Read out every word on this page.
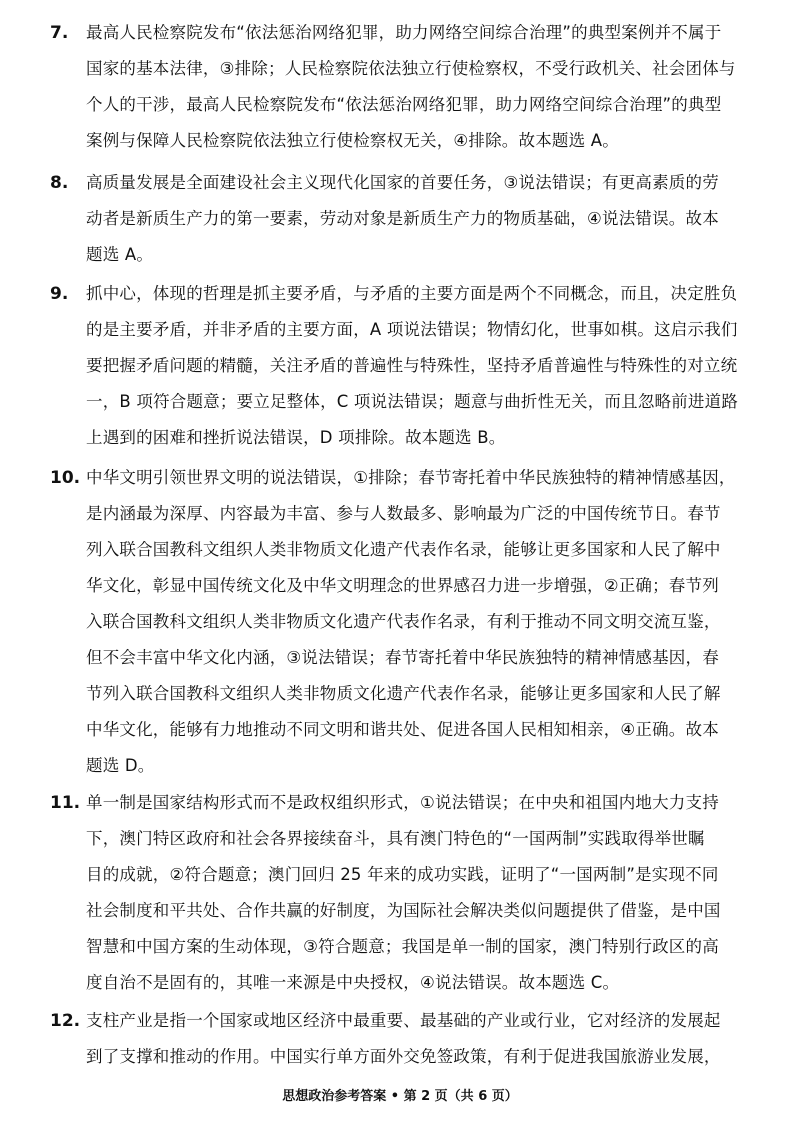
7. 最高人民检察院发布“依法惩治网络犯罪，助力网络空间综合治理”的典型案例并不属于
国家的基本法律，③排除；人民检察院依法独立行使检察权，不受行政机关、社会团体与
个人的干涉，最高人民检察院发布“依法惩治网络犯罪，助力网络空间综合治理”的典型
案例与保障人民检察院依法独立行使检察权无关，④排除。故本题选 A。
8. 高质量发展是全面建设社会主义现代化国家的首要任务，③说法错误；有更高素质的劳
动者是新质生产力的第一要素，劳动对象是新质生产力的物质基础，④说法错误。故本
题选 A。
9. 抓中心，体现的哲理是抓主要矛盾，与矛盾的主要方面是两个不同概念，而且，决定胜负
的是主要矛盾，并非矛盾的主要方面，A 项说法错误；物情幻化，世事如棋。这启示我们
要把握矛盾问题的精髓，关注矛盾的普遍性与特殊性，坚持矛盾普遍性与特殊性的对立统
一，B 项符合题意；要立足整体，C 项说法错误；题意与曲折性无关，而且忽略前进道路
上遇到的困难和挫折说法错误，D 项排除。故本题选 B。
10. 中华文明引领世界文明的说法错误，①排除；春节寄托着中华民族独特的精神情感基因，
是内涵最为深厚、内容最为丰富、参与人数最多、影响最为广泛的中国传统节日。春节
列入联合国教科文组织人类非物质文化遗产代表作名录，能够让更多国家和人民了解中
华文化，彰显中国传统文化及中华文明理念的世界感召力进一步增强，②正确；春节列
入联合国教科文组织人类非物质文化遗产代表作名录，有利于推动不同文明交流互鉴，
但不会丰富中华文化内涵，③说法错误；春节寄托着中华民族独特的精神情感基因，春
节列入联合国教科文组织人类非物质文化遗产代表作名录，能够让更多国家和人民了解
中华文化，能够有力地推动不同文明和谐共处、促进各国人民相知相亲，④正确。故本
题选 D。
11. 单一制是国家结构形式而不是政权组织形式，①说法错误；在中央和祖国内地大力支持
下，澳门特区政府和社会各界接续奋斗，具有澳门特色的“一国两制”实践取得举世瞩
目的成就，②符合题意；澳门回归 25 年来的成功实践，证明了“一国两制”是实现不同
社会制度和平共处、合作共赢的好制度，为国际社会解决类似问题提供了借鉴，是中国
智慧和中国方案的生动体现，③符合题意；我国是单一制的国家，澳门特别行政区的高
度自治不是固有的，其唯一来源是中央授权，④说法错误。故本题选 C。
12. 支柱产业是指一个国家或地区经济中最重要、最基础的产业或行业，它对经济的发展起
到了支撑和推动的作用。中国实行单方面外交免签政策，有利于促进我国旅游业发展，
思想政治参考答案 • 第 2 页（共 6 页）
